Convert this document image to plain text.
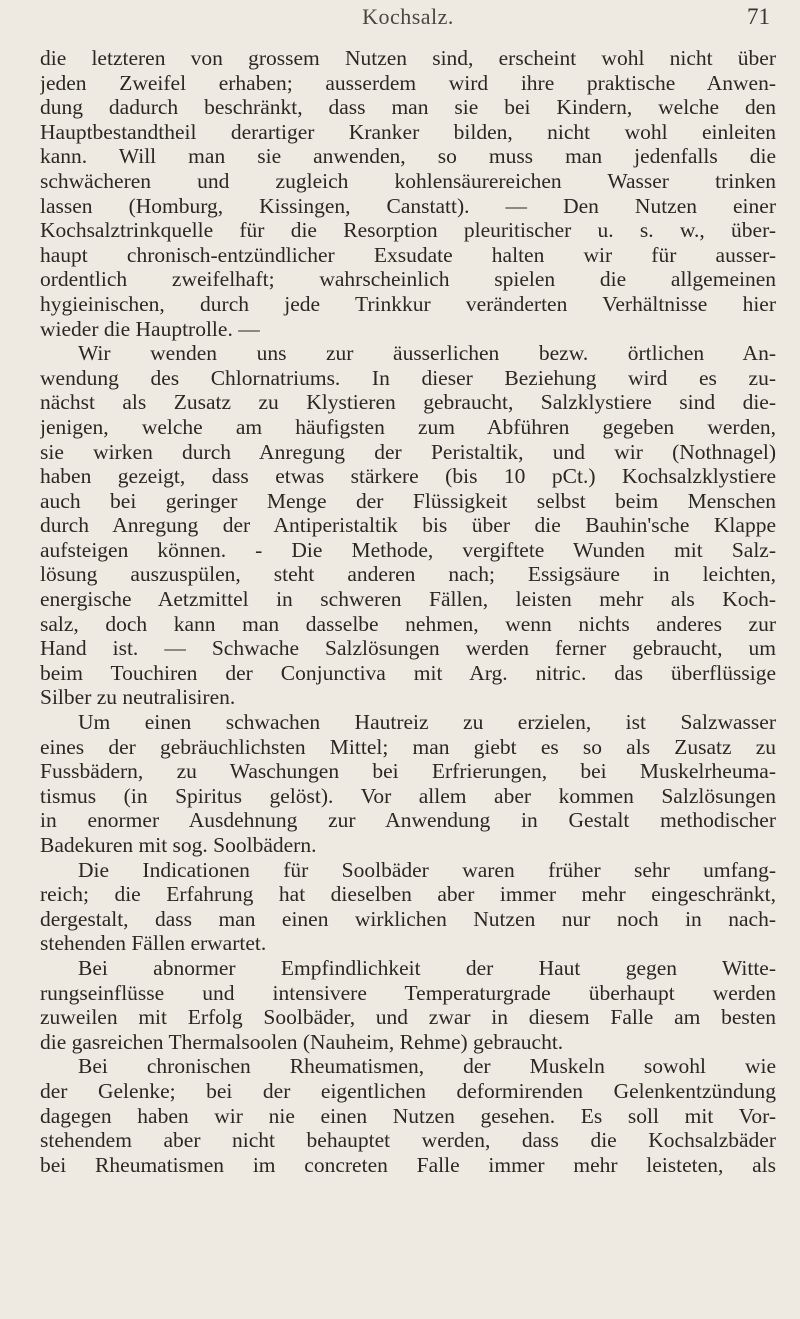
Kochsalz.	71
die letzteren von grossem Nutzen sind, erscheint wohl nicht über
jeden Zweifel erhaben; ausserdem wird ihre praktische Anwen-
dung dadurch beschränkt, dass man sie bei Kindern, welche den
Hauptbestandtheil derartiger Kranker bilden, nicht wohl einleiten
kann. Will man sie anwenden, so muss man jedenfalls die
schwächeren und zugleich kohlensäurereichen Wasser trinken
lassen (Homburg, Kissingen, Canstatt). — Den Nutzen einer
Kochsalztrinkquelle für die Resorption pleuritischer u. s. w., über-
haupt chronisch-entzündlicher Exsudate halten wir für ausser-
ordentlich zweifelhaft; wahrscheinlich spielen die allgemeinen
hygieinischen, durch jede Trinkkur veränderten Verhältnisse hier
wieder die Hauptrolle. —
Wir wenden uns zur äusserlichen bezw. örtlichen An-
wendung des Chlornatriums. In dieser Beziehung wird es zu-
nächst als Zusatz zu Klystieren gebraucht, Salzklystiere sind die-
jenigen, welche am häufigsten zum Abführen gegeben werden,
sie wirken durch Anregung der Peristaltik, und wir (Nothnagel)
haben gezeigt, dass etwas stärkere (bis 10 pCt.) Kochsalzklystiere
auch bei geringer Menge der Flüssigkeit selbst beim Menschen
durch Anregung der Antiperistaltik bis über die Bauhin'sche Klappe
aufsteigen können. - Die Methode, vergiftete Wunden mit Salz-
lösung auszuspülen, steht anderen nach; Essigsäure in leichten,
energische Aetzmittel in schweren Fällen, leisten mehr als Koch-
salz, doch kann man dasselbe nehmen, wenn nichts anderes zur
Hand ist. — Schwache Salzlösungen werden ferner gebraucht, um
beim Touchiren der Conjunctiva mit Arg. nitric. das überflüssige
Silber zu neutralisiren.
Um einen schwachen Hautreiz zu erzielen, ist Salzwasser
eines der gebräuchlichsten Mittel; man giebt es so als Zusatz zu
Fussbädern, zu Waschungen bei Erfrierungen, bei Muskelrheuma-
tismus (in Spiritus gelöst). Vor allem aber kommen Salzlösungen
in enormer Ausdehnung zur Anwendung in Gestalt methodischer
Badekuren mit sog. Soolbädern.
Die Indicationen für Soolbäder waren früher sehr umfang-
reich; die Erfahrung hat dieselben aber immer mehr eingeschränkt,
dergestalt, dass man einen wirklichen Nutzen nur noch in nach-
stehenden Fällen erwartet.
Bei abnormer Empfindlichkeit der Haut gegen Witte-
rungseinflüsse und intensivere Temperaturgrade überhaupt werden
zuweilen mit Erfolg Soolbäder, und zwar in diesem Falle am besten
die gasreichen Thermalsoolen (Nauheim, Rehme) gebraucht.
Bei chronischen Rheumatismen, der Muskeln sowohl wie
der Gelenke; bei der eigentlichen deformirenden Gelenkentzündung
dagegen haben wir nie einen Nutzen gesehen. Es soll mit Vor-
stehendem aber nicht behauptet werden, dass die Kochsalzbäder
bei Rheumatismen im concreten Falle immer mehr leisteten, als
